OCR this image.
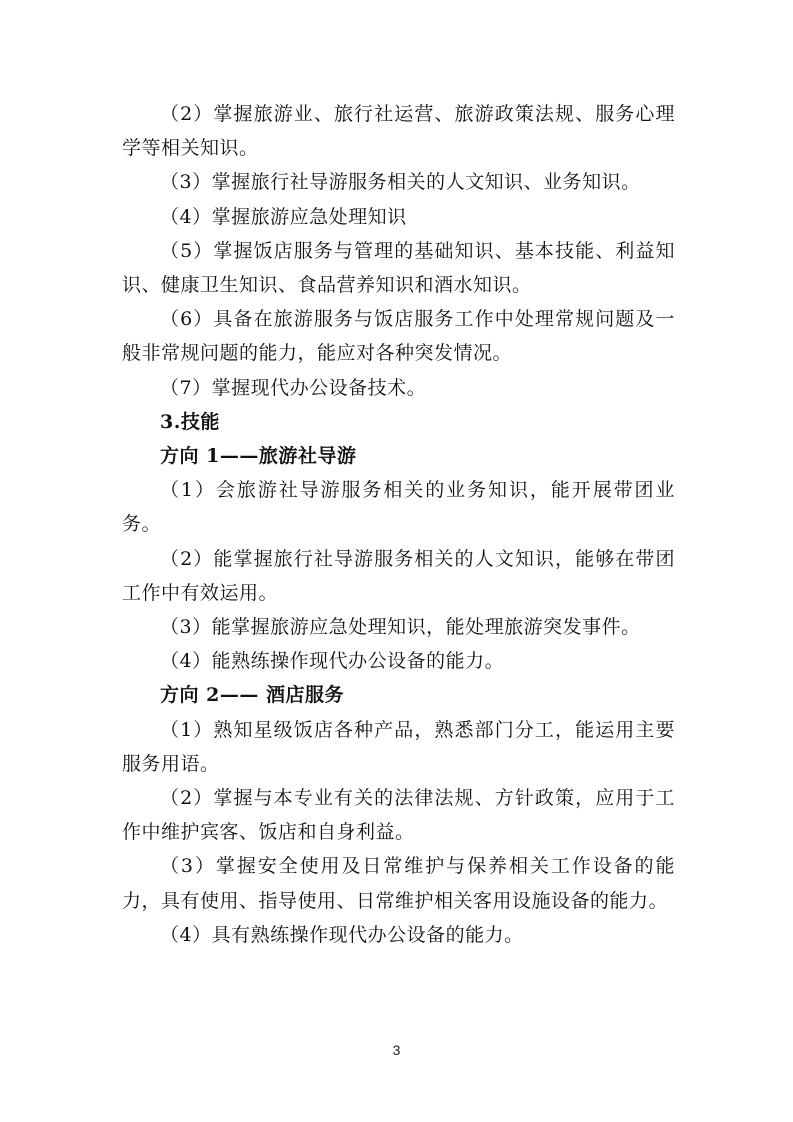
（2）掌握旅游业、旅行社运营、旅游政策法规、服务心理学等相关知识。

（3）掌握旅行社导游服务相关的人文知识、业务知识。

（4）掌握旅游应急处理知识

（5）掌握饭店服务与管理的基础知识、基本技能、利益知识、健康卫生知识、食品营养知识和酒水知识。

（6）具备在旅游服务与饭店服务工作中处理常规问题及一般非常规问题的能力，能应对各种突发情况。

（7）掌握现代办公设备技术。

3.技能

方向 1——旅游社导游

（1）会旅游社导游服务相关的业务知识，能开展带团业务。

（2）能掌握旅行社导游服务相关的人文知识，能够在带团工作中有效运用。

（3）能掌握旅游应急处理知识，能处理旅游突发事件。

（4）能熟练操作现代办公设备的能力。

方向 2—— 酒店服务

（1）熟知星级饭店各种产品，熟悉部门分工，能运用主要服务用语。

（2）掌握与本专业有关的法律法规、方针政策，应用于工作中维护宾客、饭店和自身利益。

（3）掌握安全使用及日常维护与保养相关工作设备的能力，具有使用、指导使用、日常维护相关客用设施设备的能力。

（4）具有熟练操作现代办公设备的能力。

3
